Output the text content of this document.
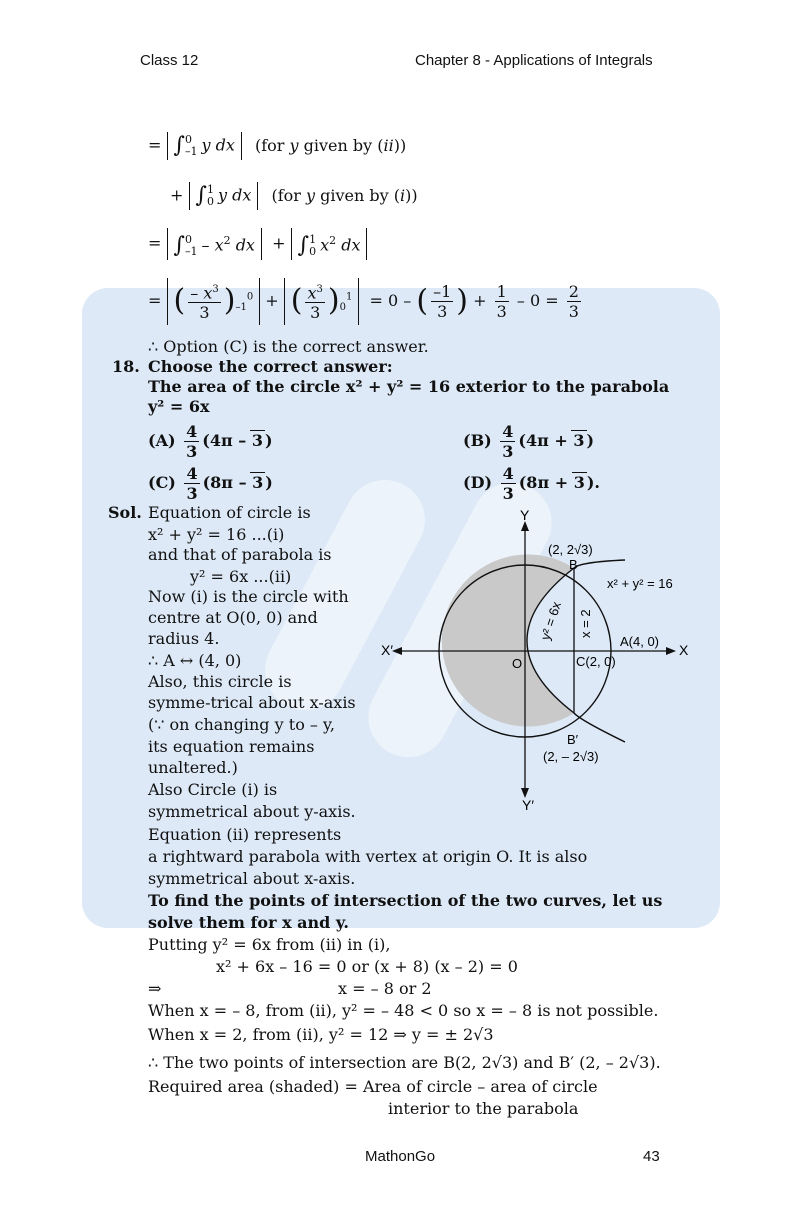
Class 12	Chapter 8 - Applications of Integrals
= ∫ 0
–1 y dx (for y given by (ii))
+ ∫ 1
0 y dx (for y given by (i))
= ∫ 0
$-1 - x^2$ dx  + ∫ 1
0 $x^2$ dx
= ( $\frac{- x^3}{3} )_{-1}^0$ + ( $\frac{x^3}{3} )_0^1 = 0$ – ( $\frac{-1}{3}$ ) + $\frac{1}{3} - 0 = \frac{2}{3}$
∴ Option (C) is the correct answer.
18. Choose the correct answer:
The area of the circle x² + y² = 16 exterior to the parabola
y² = 6x
$(A) \frac{4}{3} (4\pi - 3$ )	$(B) \frac{4}{3} (4\pi + 3$ )
$(C) \frac{4}{3} (8\pi - 3$ )	$(D) \frac{4}{3} (8\pi + 3$ ).
Sol. Equation of circle is
x² + y² = 16 ...(i)
and that of parabola is
y² = 6x ...(ii)
Now (i) is the circle with
centre at O(0, 0) and
radius 4.
∴ A ↔ (4, 0)
Also, this circle is
symme-trical about x-axis
(∵ on changing y to – y,
its equation remains
unaltered.)
Also Circle (i) is
symmetrical about y-axis.
Equation (ii) represents
a rightward parabola with vertex at origin O. It is also
symmetrical about x-axis.
To find the points of intersection of the two curves, let us
solve them for x and y.
Putting y² = 6x from (ii) in (i),
x² + 6x – 16 = 0 or (x + 8) (x – 2) = 0
⇒	x = – 8 or 2
When x = – 8, from (ii), y² = – 48 < 0 so x = – 8 is not possible.
When x = 2, from (ii), y² = 12 ⇒ y = ± 2√3
∴ The two points of intersection are B(2, 2√3) and B′ (2, – 2√3).
Required area (shaded) = Area of circle – area of circle
interior to the parabola
Y
Y′
X
X′
O
A(4, 0)
C(2, 0)
B
(2, 2√3)
B′
(2, – 2√3)
x² + y² = 16
y² = 6x x = 2
MathonGo	43
